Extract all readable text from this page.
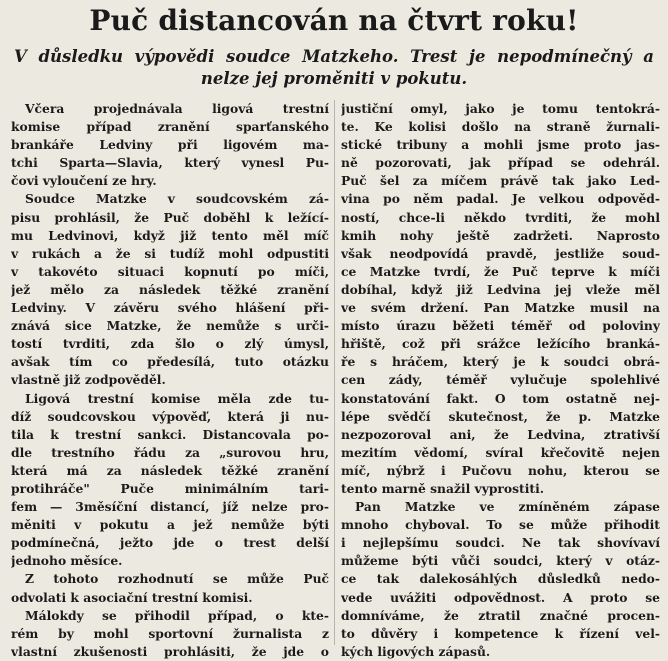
Puč distancován na čtvrt roku!
V důsledku výpovědi soudce Matzkeho. Trest je nepodmínečný a nelze jej proměniti v pokutu.
Včera projednávala ligová trestní
komise případ zranění sparťanského
brankáře Ledviny při ligovém ma-
tchi Sparta—Slavia, který vynesl Pu-
čovi vyloučení ze hry.
Soudce Matzke v soudcovském zá-
pisu prohlásil, že Puč doběhl k ležící-
mu Ledvinovi, když již tento měl míč
v rukách a že si tudíž mohl odpustiti
v takovéto situaci kopnutí po míči,
jež mělo za následek těžké zranění
Ledviny. V závěru svého hlášení při-
znává sice Matzke, že nemůže s urči-
tostí tvrditi, zda šlo o zlý úmysl,
avšak tím co předesílá, tuto otázku
vlastně již zodpověděl.
Ligová trestní komise měla zde tu-
díž soudcovskou výpověď, která ji nu-
tila k trestní sankci. Distancovala po-
dle trestního řádu za „surovou hru,
která má za následek těžké zranění
protihráče" Puče minimálním tari-
fem — 3měsíční distancí, jíž nelze pro-
měniti v pokutu a jež nemůže býti
podmínečná, ježto jde o trest delší
jednoho měsíce.
Z tohoto rozhodnutí se může Puč
odvolati k asociační trestní komisi.
Málokdy se přihodil případ, o kte-
rém by mohl sportovní žurnalista z
vlastní zkušenosti prohlásiti, že jde o
justiční omyl, jako je tomu tentokrá-
te. Ke kolisi došlo na straně žurnali-
stické tribuny a mohli jsme proto jas-
ně pozorovati, jak případ se odehrál.
Puč šel za míčem právě tak jako Led-
vina po něm padal. Je velkou odpověd-
ností, chce-li někdo tvrditi, že mohl
kmih nohy ještě zadržeti. Naprosto
však neodpovídá pravdě, jestliže soud-
ce Matzke tvrdí, že Puč teprve k míči
dobíhal, když již Ledvina jej vleže měl
ve svém držení. Pan Matzke musil na
místo úrazu běžeti téměř od poloviny
hřiště, což při srážce ležícího branká-
ře s hráčem, který je k soudci obrá-
cen zády, téměř vylučuje spolehlivé
konstatování fakt. O tom ostatně nej-
lépe svědčí skutečnost, že p. Matzke
nezpozoroval ani, že Ledvina, ztrativší
mezitím vědomí, svíral křečovitě nejen
míč, nýbrž i Pučovu nohu, kterou se
tento marně snažil vyprostiti.
Pan Matzke ve zmíněném zápase
mnoho chyboval. To se může přihodit
i nejlepšímu soudci. Ne tak shovívaví
můžeme býti vůči soudci, který v otáz-
ce tak dalekosáhlých důsledků nedo-
vede uvážiti odpovědnost. A proto se
domníváme, že ztratil značné procen-
to důvěry i kompetence k řízení vel-
kých ligových zápasů.
